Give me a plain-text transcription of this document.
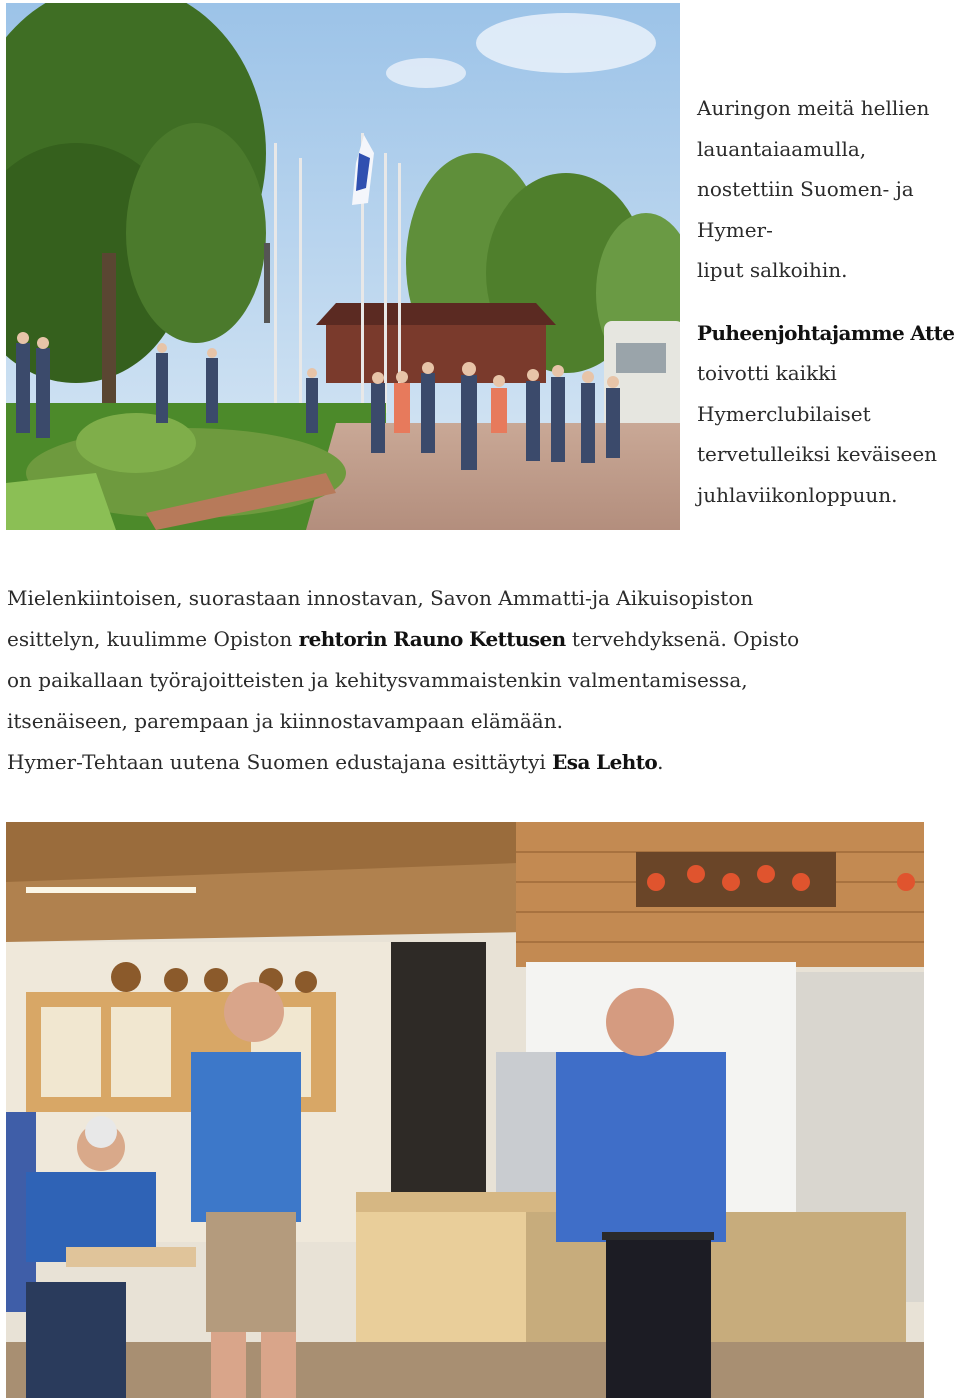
Auringon meitä hellien
lauantaiaamulla,
nostettiin Suomen- ja
Hymer-
liput salkoihin.
Puheenjohtajamme Atte
toivotti kaikki
Hymerclubilaiset
tervetulleiksi keväiseen
juhlaviikonloppuun.
Mielenkiintoisen, suorastaan innostavan, Savon Ammatti-ja Aikuisopiston
esittelyn, kuulimme Opiston rehtorin Rauno Kettusen tervehdyksenä. Opisto
on paikallaan työrajoitteisten ja kehitysvammaistenkin valmentamisessa,
itsenäiseen, parempaan ja kiinnostavampaan elämään.
Hymer-Tehtaan uutena Suomen edustajana esittäytyi Esa Lehto.
